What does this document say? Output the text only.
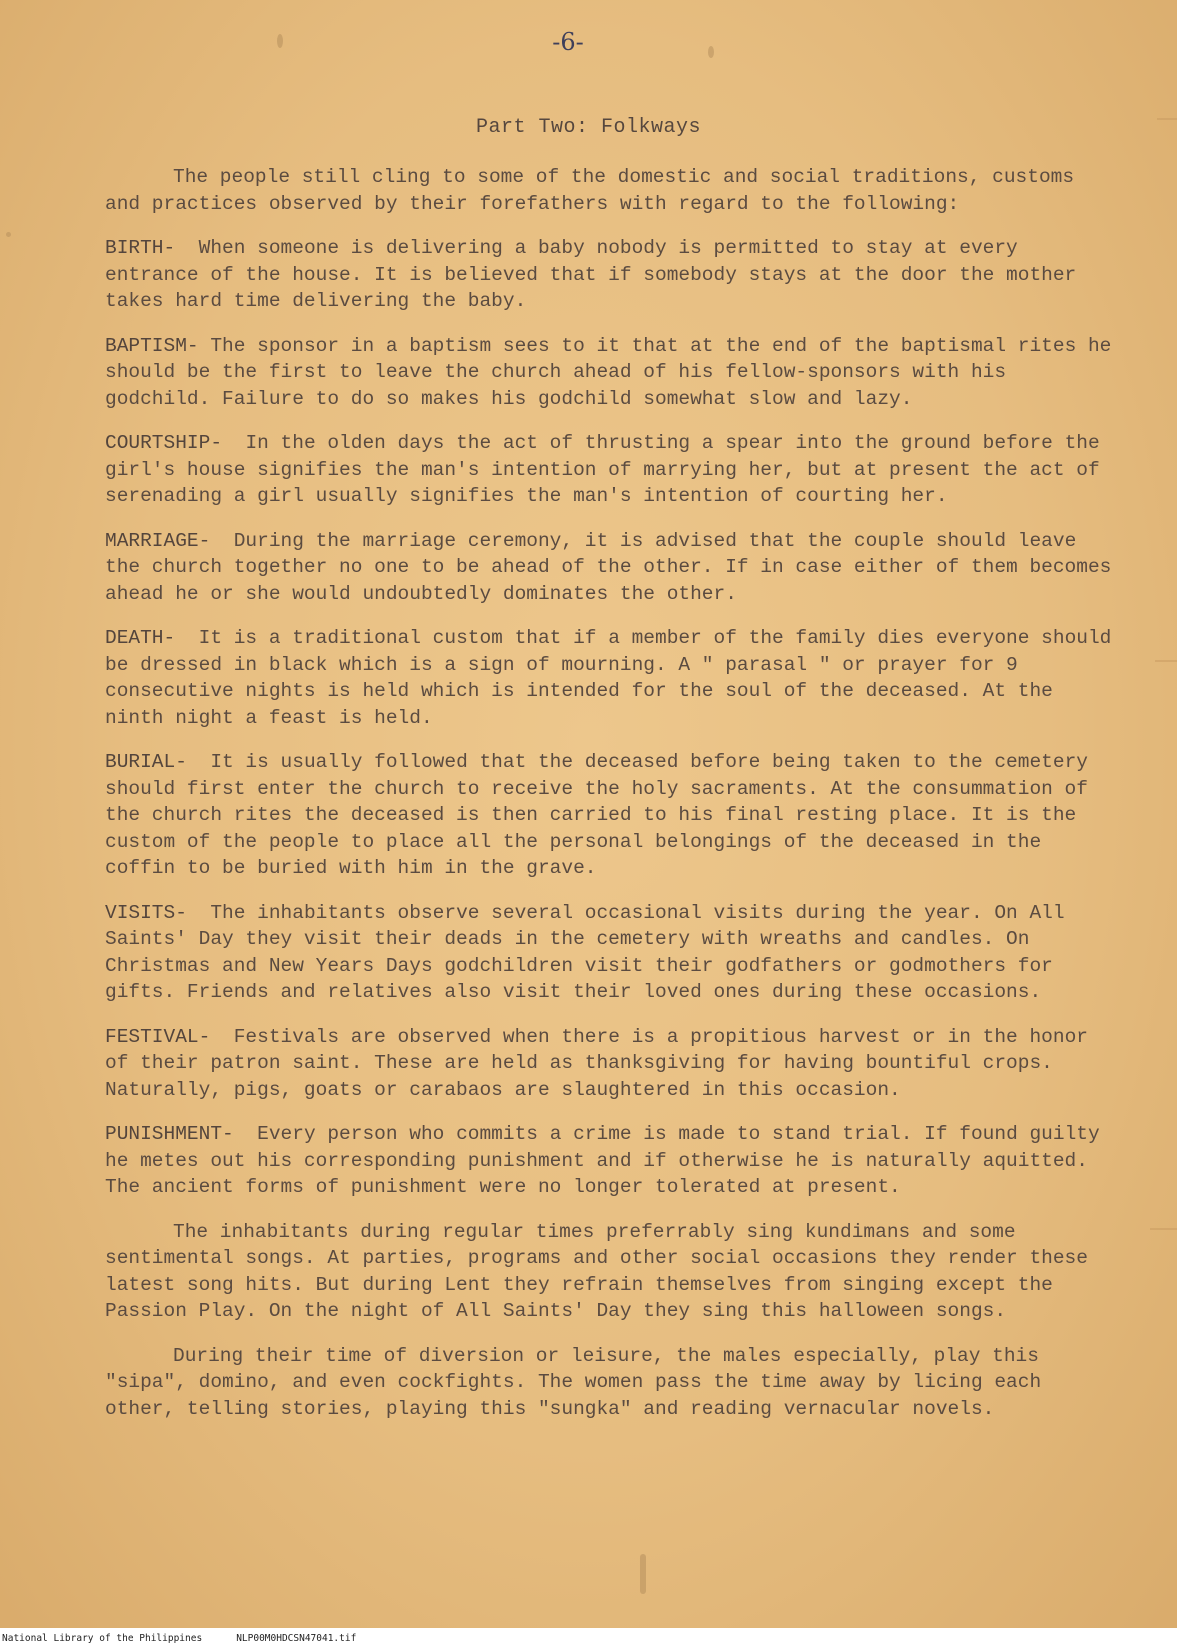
-6-
Part Two: Folkways

The people still cling to some of the domestic and social traditions, customs and practices observed by their forefathers with regard to the following:

BIRTH- When someone is delivering a baby nobody is permitted to stay at every entrance of the house. It is believed that if somebody stays at the door the mother takes hard time delivering the baby.

BAPTISM- The sponsor in a baptism sees to it that at the end of the baptismal rites he should be the first to leave the church ahead of his fellow-sponsors with his godchild. Failure to do so makes his godchild somewhat slow and lazy.

COURTSHIP- In the olden days the act of thrusting a spear into the ground before the girl's house signifies the man's intention of marrying her, but at present the act of serenading a girl usually signifies the man's intention of courting her.

MARRIAGE- During the marriage ceremony, it is advised that the couple should leave the church together no one to be ahead of the other. If in case either of them becomes ahead he or she would undoubtedly dominates the other.

DEATH- It is a traditional custom that if a member of the family dies everyone should be dressed in black which is a sign of mourning. A " parasal " or prayer for 9 consecutive nights is held which is intended for the soul of the deceased. At the ninth night a feast is held.

BURIAL- It is usually followed that the deceased before being taken to the cemetery should first enter the church to receive the holy sacraments. At the consummation of the church rites the deceased is then carried to his final resting place. It is the custom of the people to place all the personal belongings of the deceased in the coffin to be buried with him in the grave.

VISITS- The inhabitants observe several occasional visits during the year. On All Saints' Day they visit their deads in the cemetery with wreaths and candles. On Christmas and New Years Days godchildren visit their godfathers or godmothers for gifts. Friends and relatives also visit their loved ones during these occasions.

FESTIVAL- Festivals are observed when there is a propitious harvest or in the honor of their patron saint. These are held as thanksgiving for having bountiful crops. Naturally, pigs, goats or carabaos are slaughtered in this occasion.

PUNISHMENT- Every person who commits a crime is made to stand trial. If found guilty he metes out his corresponding punishment and if otherwise he is naturally aquitted. The ancient forms of punishment were no longer tolerated at present.

The inhabitants during regular times preferrably sing kundimans and some sentimental songs. At parties, programs and other social occasions they render these latest song hits. But during Lent they refrain themselves from singing except the Passion Play. On the night of All Saints' Day they sing this halloween songs.

During their time of diversion or leisure, the males especially, play this "sipa", domino, and even cockfights. The women pass the time away by licing each other, telling stories, playing this "sungka" and reading vernacular novels.

National Library of the Philippines	NLP00M0HDCSN47041.tif
